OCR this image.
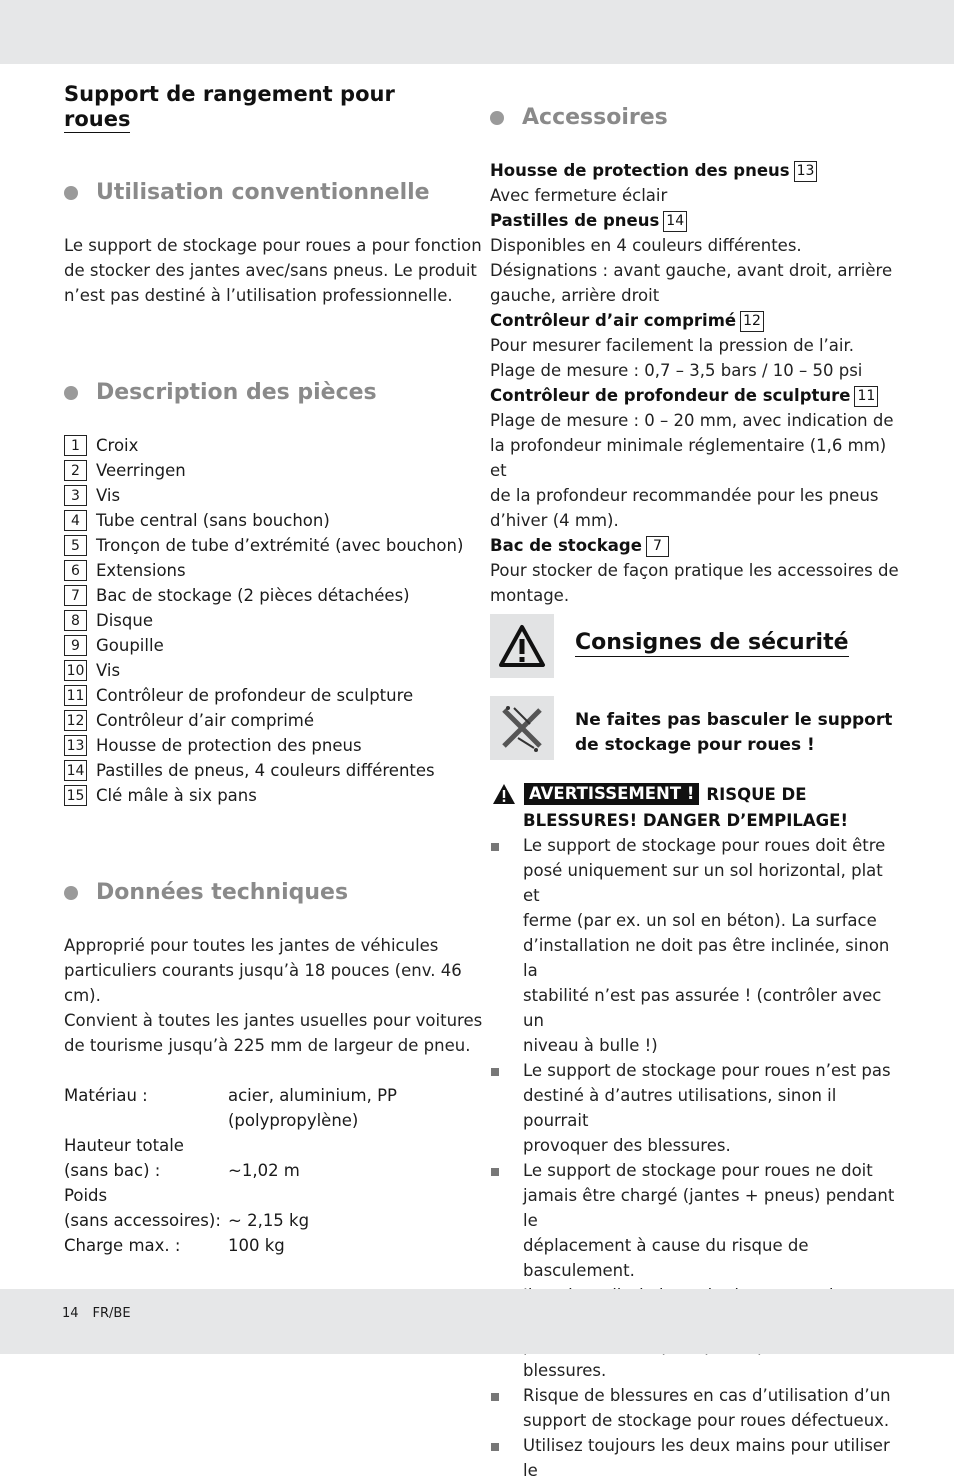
Support de rangement pour
roues
Utilisation conventionnelle
Le support de stockage pour roues a pour fonction
de stocker des jantes avec/sans pneus. Le produit
n’est pas destiné à l’utilisation professionnelle.
Description des pièces
1 Croix
2 Veerringen
3 Vis
4 Tube central (sans bouchon)
5 Tronçon de tube d’extrémité (avec bouchon)
6 Extensions
7 Bac de stockage (2 pièces détachées)
8 Disque
9 Goupille
10 Vis
11 Contrôleur de profondeur de sculpture
12 Contrôleur d’air comprimé
13 Housse de protection des pneus
14 Pastilles de pneus, 4 couleurs différentes
15 Clé mâle à six pans
Données techniques
Approprié pour toutes les jantes de véhicules
particuliers courants jusqu’à 18 pouces (env. 46
cm).
Convient à toutes les jantes usuelles pour voitures
de tourisme jusqu’à 225 mm de largeur de pneu.
Matériau :	acier, aluminium, PP
(polypropylène)
Hauteur totale
(sans bac) :	~1,02 m
Poids
(sans accessoires): ~ 2,15 kg
Charge max. :	100 kg
Accessoires
Housse de protection des pneus 13
Avec fermeture éclair
Pastilles de pneus 14
Disponibles en 4 couleurs différentes.
Désignations : avant gauche, avant droit, arrière
gauche, arrière droit
Contrôleur d’air comprimé 12
Pour mesurer facilement la pression de l’air.
Plage de mesure : 0,7 – 3,5 bars / 10 – 50 psi
Contrôleur de profondeur de sculpture 11
Plage de mesure : 0 – 20 mm, avec indication de
la profondeur minimale réglementaire (1,6 mm) et
de la profondeur recommandée pour les pneus
d’hiver (4 mm).
Bac de stockage 7
Pour stocker de façon pratique les accessoires de
montage.
Consignes de sécurité
Ne faites pas basculer le support
de stockage pour roues !
AVERTISSEMENT ! RISQUE DE
BLESSURES! DANGER D’EMPILAGE!
Le support de stockage pour roues doit être
posé uniquement sur un sol horizontal, plat et
ferme (par ex. un sol en béton). La surface
d’installation ne doit pas être inclinée, sinon la
stabilité n’est pas assurée ! (contrôler avec un
niveau à bulle !)
Le support de stockage pour roues n’est pas
destiné à d’autres utilisations, sinon il pourrait
provoquer des blessures.
Le support de stockage pour roues ne doit
jamais être chargé (jantes + pneus) pendant le
déplacement à cause du risque de basculement.
blessures.
Risque de blessures en cas d’utilisation d’un
support de stockage pour roues défectueux.
Utilisez toujours les deux mains pour utiliser le
14 FR/BE
